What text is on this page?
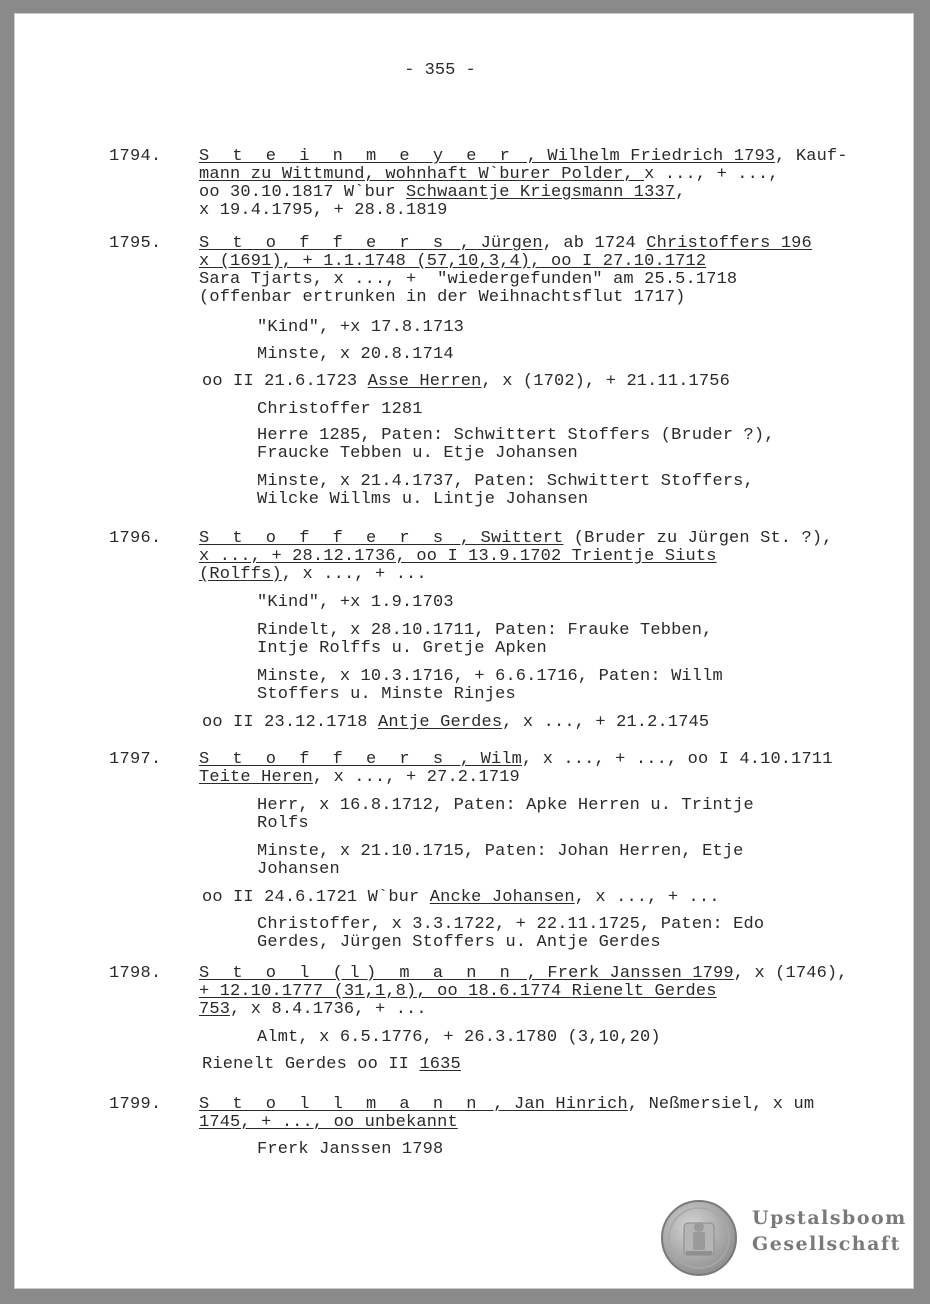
- 355 -
1794. S t e i n m e y e r , Wilhelm Friedrich 1793, Kauf-
mann zu Wittmund, wohnhaft W`burer Polder, x ..., + ...,
oo 30.10.1817 W`bur Schwaantje Kriegsmann 1337,
x 19.4.1795, + 28.8.1819
1795. S t o f f e r s , Jürgen, ab 1724 Christoffers 196
x (1691), + 1.1.1748 (57,10,3,4), oo I 27.10.1712
Sara Tjarts, x ..., +  "wiedergefunden" am 25.5.1718
(offenbar ertrunken in der Weihnachtsflut 1717)
"Kind", +x 17.8.1713
Minste, x 20.8.1714
oo II 21.6.1723 Asse Herren, x (1702), + 21.11.1756
Christoffer 1281
Herre 1285, Paten: Schwittert Stoffers (Bruder ?),
Fraucke Tebben u. Etje Johansen
Minste, x 21.4.1737, Paten: Schwittert Stoffers,
Wilcke Willms u. Lintje Johansen
1796. S t o f f e r s , Swittert (Bruder zu Jürgen St. ?),
x ..., + 28.12.1736, oo I 13.9.1702 Trientje Siuts
(Rolffs), x ..., + ...
"Kind", +x 1.9.1703
Rindelt, x 28.10.1711, Paten: Frauke Tebben,
Intje Rolffs u. Gretje Apken
Minste, x 10.3.1716, + 6.6.1716, Paten: Willm
Stoffers u. Minste Rinjes
oo II 23.12.1718 Antje Gerdes, x ..., + 21.2.1745
1797. S t o f f e r s , Wilm, x ..., + ..., oo I 4.10.1711
Teite Heren, x ..., + 27.2.1719
Herr, x 16.8.1712, Paten: Apke Herren u. Trintje
Rolfs
Minste, x 21.10.1715, Paten: Johan Herren, Etje
Johansen
oo II 24.6.1721 W`bur Ancke Johansen, x ..., + ...
Christoffer, x 3.3.1722, + 22.11.1725, Paten: Edo
Gerdes, Jürgen Stoffers u. Antje Gerdes
1798. S t o l (l) m a n n , Frerk Janssen 1799, x (1746),
+ 12.10.1777 (31,1,8), oo 18.6.1774 Rienelt Gerdes
753, x 8.4.1736, + ...
Almt, x 6.5.1776, + 26.3.1780 (3,10,20)
Rienelt Gerdes oo II 1635
1799. S t o l l m a n n , Jan Hinrich, Neßmersiel, x um
1745, + ..., oo unbekannt
Frerk Janssen 1798
Upstalsboom
Gesellschaft
